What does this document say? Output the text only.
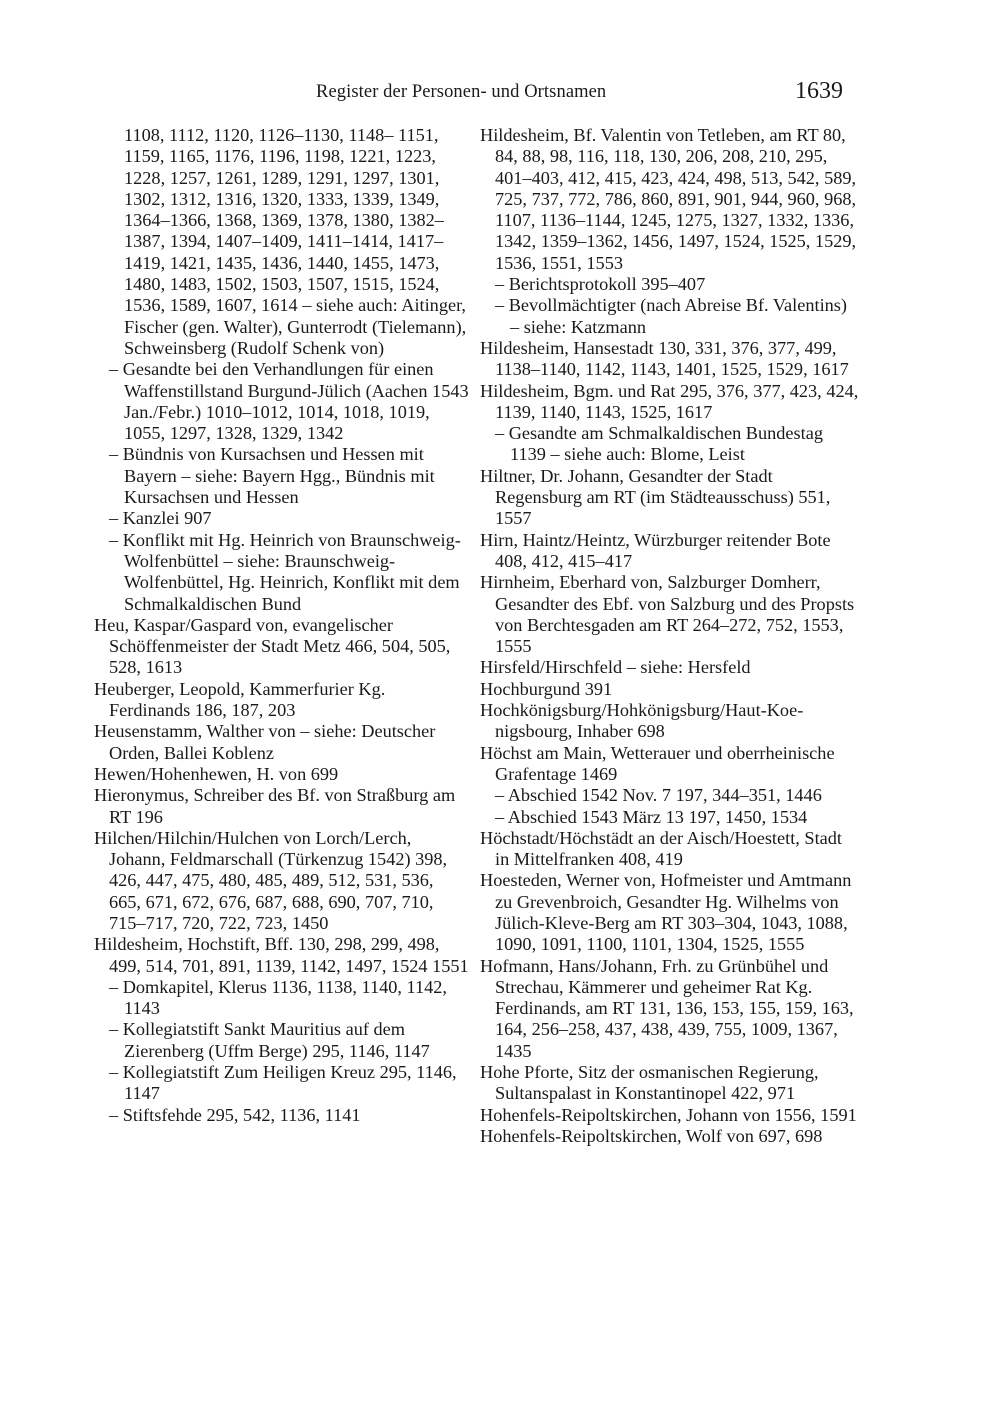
Register der Personen- und Ortsnamen	1639

1108, 1112, 1120, 1126–1130, 1148– 1151, 1159, 1165, 1176, 1196, 1198, 1221, 1223, 1228, 1257, 1261, 1289, 1291, 1297, 1301, 1302, 1312, 1316, 1320, 1333, 1339, 1349, 1364–1366, 1368, 1369, 1378, 1380, 1382–1387, 1394, 1407–1409, 1411–1414, 1417– 1419, 1421, 1435, 1436, 1440, 1455, 1473, 1480, 1483, 1502, 1503, 1507, 1515, 1524, 1536, 1589, 1607, 1614 – siehe auch: Aitinger, Fischer (gen. Walter), Gunterrodt (Tielemann), Schweinsberg (Rudolf Schenk von)

– Gesandte bei den Verhandlungen für einen Waffenstillstand Burgund-Jülich (Aachen 1543 Jan./Febr.) 1010–1012, 1014, 1018, 1019, 1055, 1297, 1328, 1329, 1342

– Bündnis von Kursachsen und Hessen mit Bayern – siehe: Bayern Hgg., Bündnis mit Kursachsen und Hessen

– Kanzlei 907

– Konflikt mit Hg. Heinrich von Braunschweig-Wolfenbüttel – siehe: Braunschweig-Wolfenbüttel, Hg. Heinrich, Konflikt mit dem Schmalkaldischen Bund

Heu, Kaspar/Gaspard von, evangelischer Schöffenmeister der Stadt Metz 466, 504, 505, 528, 1613

Heuberger, Leopold, Kammerfurier Kg. Ferdinands 186, 187, 203

Heusenstamm, Walther von – siehe: Deutscher Orden, Ballei Koblenz

Hewen/Hohenhewen, H. von 699

Hieronymus, Schreiber des Bf. von Straßburg am RT 196

Hilchen/Hilchin/Hulchen von Lorch/Lerch, Johann, Feldmarschall (Türkenzug 1542) 398, 426, 447, 475, 480, 485, 489, 512, 531, 536, 665, 671, 672, 676, 687, 688, 690, 707, 710, 715–717, 720, 722, 723, 1450

Hildesheim, Hochstift, Bff. 130, 298, 299, 498, 499, 514, 701, 891, 1139, 1142, 1497, 1524 1551

– Domkapitel, Klerus 1136, 1138, 1140, 1142, 1143

– Kollegiatstift Sankt Mauritius auf dem Zierenberg (Uffm Berge) 295, 1146, 1147

– Kollegiatstift Zum Heiligen Kreuz 295, 1146, 1147

– Stiftsfehde 295, 542, 1136, 1141

Hildesheim, Bf. Valentin von Tetleben, am RT 80, 84, 88, 98, 116, 118, 130, 206, 208, 210, 295, 401–403, 412, 415, 423, 424, 498, 513, 542, 589, 725, 737, 772, 786, 860, 891, 901, 944, 960, 968, 1107, 1136–1144, 1245, 1275, 1327, 1332, 1336, 1342, 1359–1362, 1456, 1497, 1524, 1525, 1529, 1536, 1551, 1553

– Berichtsprotokoll 395–407

– Bevollmächtigter (nach Abreise Bf. Valentins) – siehe: Katzmann

Hildesheim, Hansestadt 130, 331, 376, 377, 499, 1138–1140, 1142, 1143, 1401, 1525, 1529, 1617

Hildesheim, Bgm. und Rat 295, 376, 377, 423, 424, 1139, 1140, 1143, 1525, 1617

– Gesandte am Schmalkaldischen Bundestag 1139 – siehe auch: Blome, Leist

Hiltner, Dr. Johann, Gesandter der Stadt Regensburg am RT (im Städteausschuss) 551, 1557

Hirn, Haintz/Heintz, Würzburger reitender Bote 408, 412, 415–417

Hirnheim, Eberhard von, Salzburger Domherr, Gesandter des Ebf. von Salzburg und des Propsts von Berchtesgaden am RT 264–272, 752, 1553, 1555

Hirsfeld/Hirschfeld – siehe: Hersfeld

Hochburgund 391

Hochkönigsburg/Hohkönigsburg/Haut-Koenigsbourg, Inhaber 698

Höchst am Main, Wetterauer und oberrheinische Grafentage 1469

– Abschied 1542 Nov. 7 197, 344–351, 1446

– Abschied 1543 März 13 197, 1450, 1534

Höchstadt/Höchstädt an der Aisch/Hoestett, Stadt in Mittelfranken 408, 419

Hoesteden, Werner von, Hofmeister und Amtmann zu Grevenbroich, Gesandter Hg. Wilhelms von Jülich-Kleve-Berg am RT 303–304, 1043, 1088, 1090, 1091, 1100, 1101, 1304, 1525, 1555

Hofmann, Hans/Johann, Frh. zu Grünbühel und Strechau, Kämmerer und geheimer Rat Kg. Ferdinands, am RT 131, 136, 153, 155, 159, 163, 164, 256–258, 437, 438, 439, 755, 1009, 1367, 1435

Hohe Pforte, Sitz der osmanischen Regierung, Sultanspalast in Konstantinopel 422, 971

Hohenfels-Reipoltskirchen, Johann von 1556, 1591

Hohenfels-Reipoltskirchen, Wolf von 697, 698
